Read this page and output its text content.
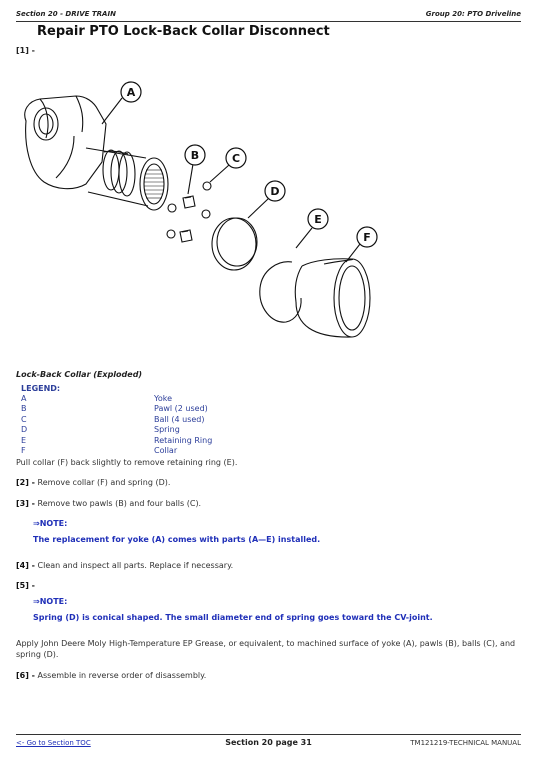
Section 20 - DRIVE TRAIN	Group 20: PTO Driveline
Repair PTO Lock-Back Collar Disconnect
[1] -
A
B	C
D
E
F
Lock-Back Collar (Exploded)
LEGEND:
A	Yoke
B	Pawl (2 used)
C	Ball (4 used)
D	Spring
E	Retaining Ring
F	Collar
Pull collar (F) back slightly to remove retaining ring (E).
[2] - Remove collar (F) and spring (D).
[3] - Remove two pawls (B) and four balls (C).
⇒NOTE:
The replacement for yoke (A) comes with parts (A—E) installed.
[4] - Clean and inspect all parts. Replace if necessary.
[5] -
⇒NOTE:
Spring (D) is conical shaped. The small diameter end of spring goes toward the CV-joint.
Apply John Deere Moly High-Temperature EP Grease, or equivalent, to machined surface of yoke (A), pawls (B), balls (C), and
spring (D).
[6] - Assemble in reverse order of disassembly.
<- Go to Section TOC	Section 20 page 31	TM121219-TECHNICAL MANUAL
